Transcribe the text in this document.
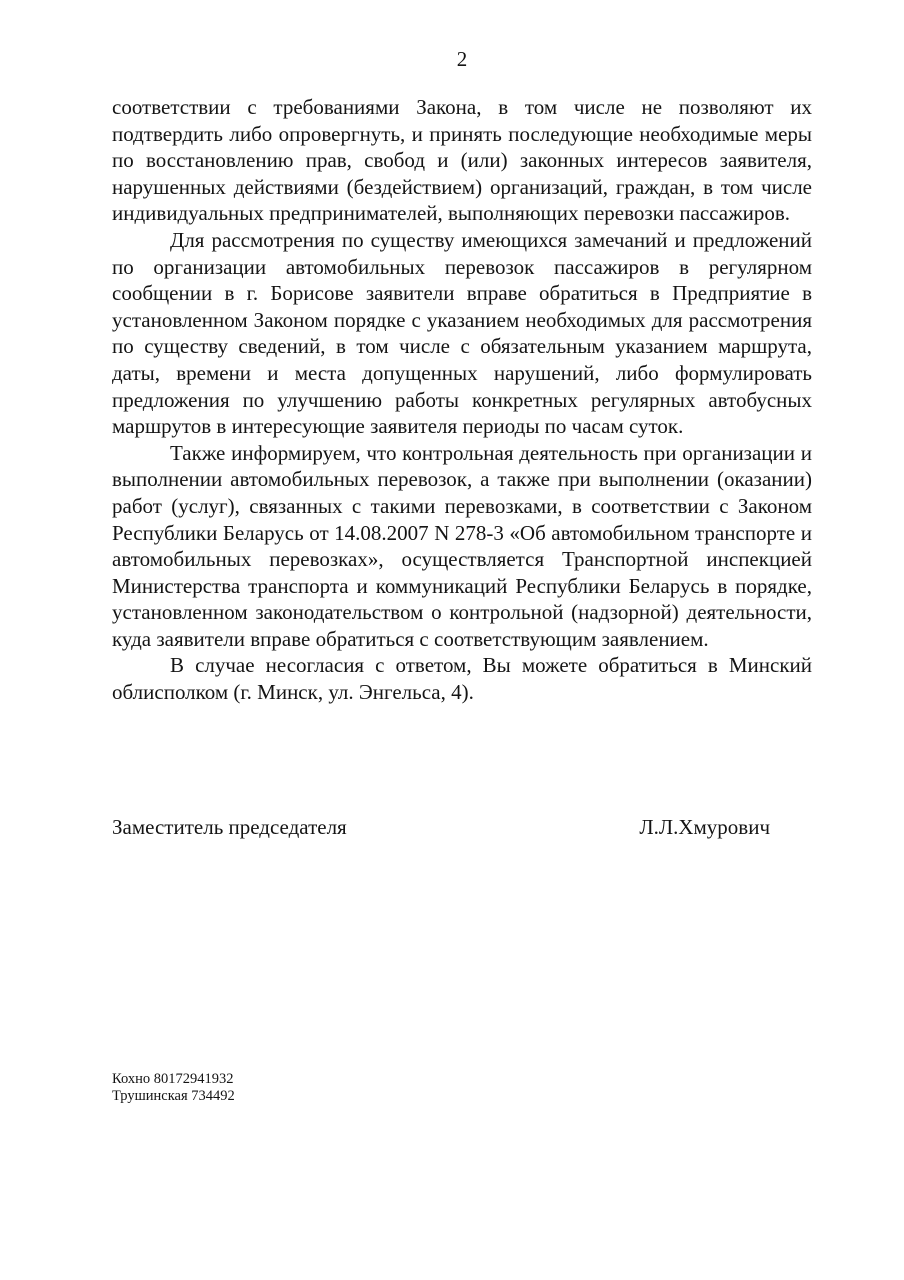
2

соответствии с требованиями Закона, в том числе не позволяют их подтвердить либо опровергнуть, и принять последующие необходимые меры по восстановлению прав, свобод и (или) законных интересов заявителя, нарушенных действиями (бездействием) организаций, граждан, в том числе индивидуальных предпринимателей, выполняющих перевозки пассажиров.

Для рассмотрения по существу имеющихся замечаний и предложений по организации автомобильных перевозок пассажиров в регулярном сообщении в г. Борисове заявители вправе обратиться в Предприятие в установленном Законом порядке с указанием необходимых для рассмотрения по существу сведений, в том числе с обязательным указанием маршрута, даты, времени и места допущенных нарушений, либо формулировать предложения по улучшению работы конкретных регулярных автобусных маршрутов в интересующие заявителя периоды по часам суток.

Также информируем, что контрольная деятельность при организации и выполнении автомобильных перевозок, а также при выполнении (оказании) работ (услуг), связанных с такими перевозками, в соответствии с Законом Республики Беларусь от 14.08.2007 N 278-3 «Об автомобильном транспорте и автомобильных перевозках», осуществляется Транспортной инспекцией Министерства транспорта и коммуникаций Республики Беларусь в порядке, установленном законодательством о контрольной (надзорной) деятельности, куда заявители вправе обратиться с соответствующим заявлением.

В случае несогласия с ответом, Вы можете обратиться в Минский облисполком (г. Минск, ул. Энгельса, 4).

Заместитель председателя	Л.Л.Хмурович
Кохно 80172941932
Трушинская 734492
